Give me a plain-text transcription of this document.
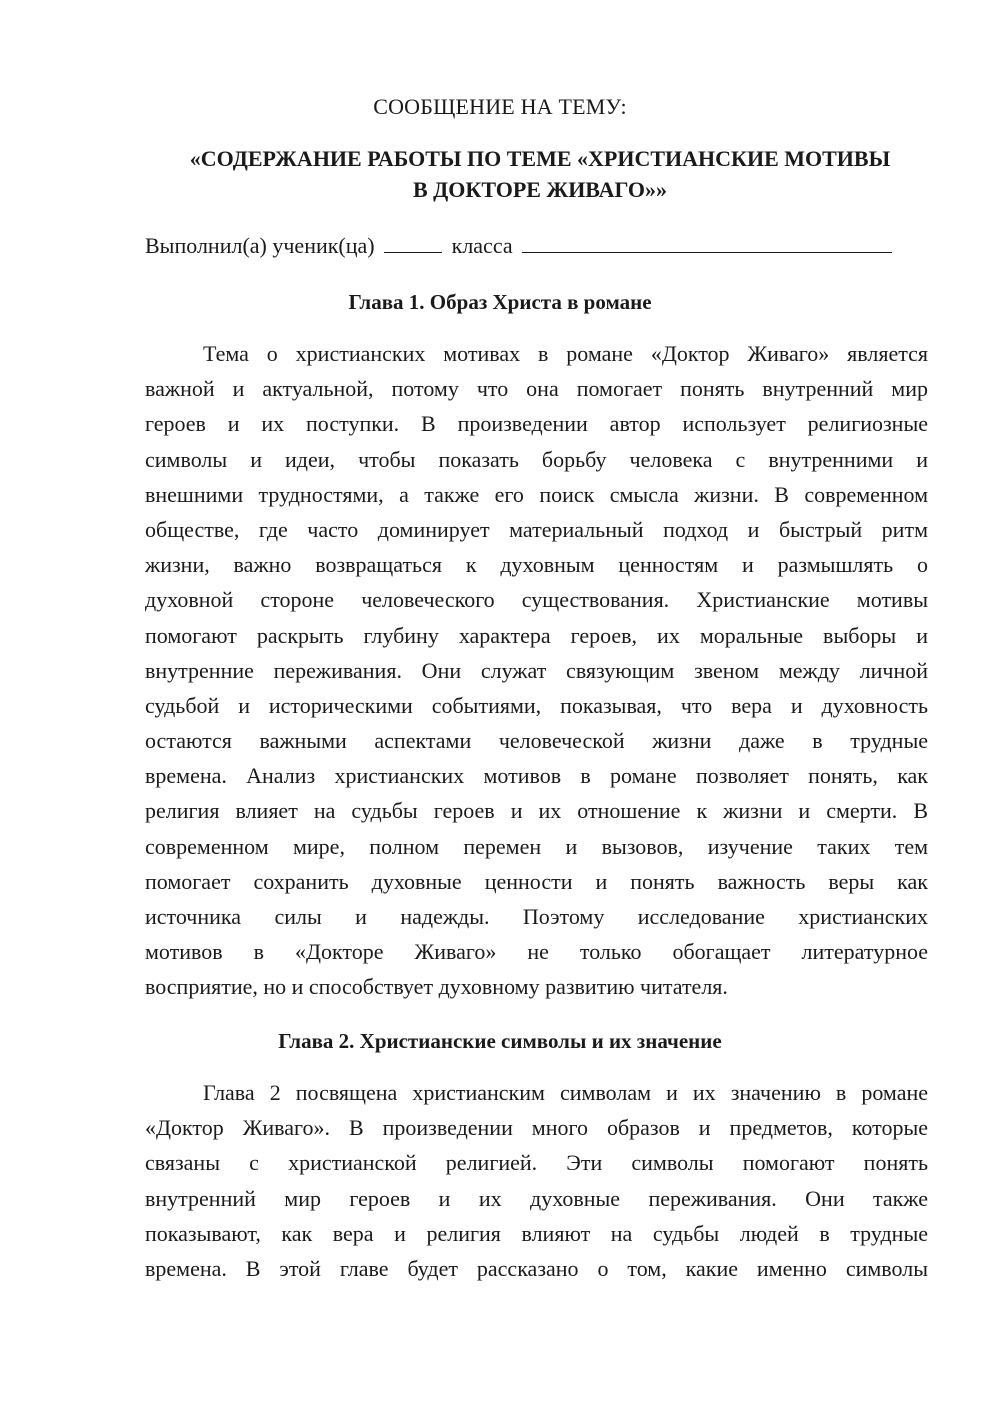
СООБЩЕНИЕ НА ТЕМУ:
«СОДЕРЖАНИЕ РАБОТЫ ПО ТЕМЕ «ХРИСТИАНСКИЕ МОТИВЫ
В ДОКТОРЕ ЖИВАГО»»
Выполнил(а) ученик(ца)	класса
Глава 1. Образ Христа в романе
Тема о христианских мотивах в романе «Доктор Живаго» является
важной и актуальной, потому что она помогает понять внутренний мир
героев и их поступки. В произведении автор использует религиозные
символы и идеи, чтобы показать борьбу человека с внутренними и
внешними трудностями, а также его поиск смысла жизни. В современном
обществе, где часто доминирует материальный подход и быстрый ритм
жизни, важно возвращаться к духовным ценностям и размышлять о
духовной стороне человеческого существования. Христианские мотивы
помогают раскрыть глубину характера героев, их моральные выборы и
внутренние переживания. Они служат связующим звеном между личной
судьбой и историческими событиями, показывая, что вера и духовность
остаются важными аспектами человеческой жизни даже в трудные
времена. Анализ христианских мотивов в романе позволяет понять, как
религия влияет на судьбы героев и их отношение к жизни и смерти. В
современном мире, полном перемен и вызовов, изучение таких тем
помогает сохранить духовные ценности и понять важность веры как
источника силы и надежды. Поэтому исследование христианских
мотивов в «Докторе Живаго» не только обогащает литературное
восприятие, но и способствует духовному развитию читателя.
Глава 2. Христианские символы и их значение
Глава 2 посвящена христианским символам и их значению в романе
«Доктор Живаго». В произведении много образов и предметов, которые
связаны с христианской религией. Эти символы помогают понять
внутренний мир героев и их духовные переживания. Они также
показывают, как вера и религия влияют на судьбы людей в трудные
времена. В этой главе будет рассказано о том, какие именно символы
